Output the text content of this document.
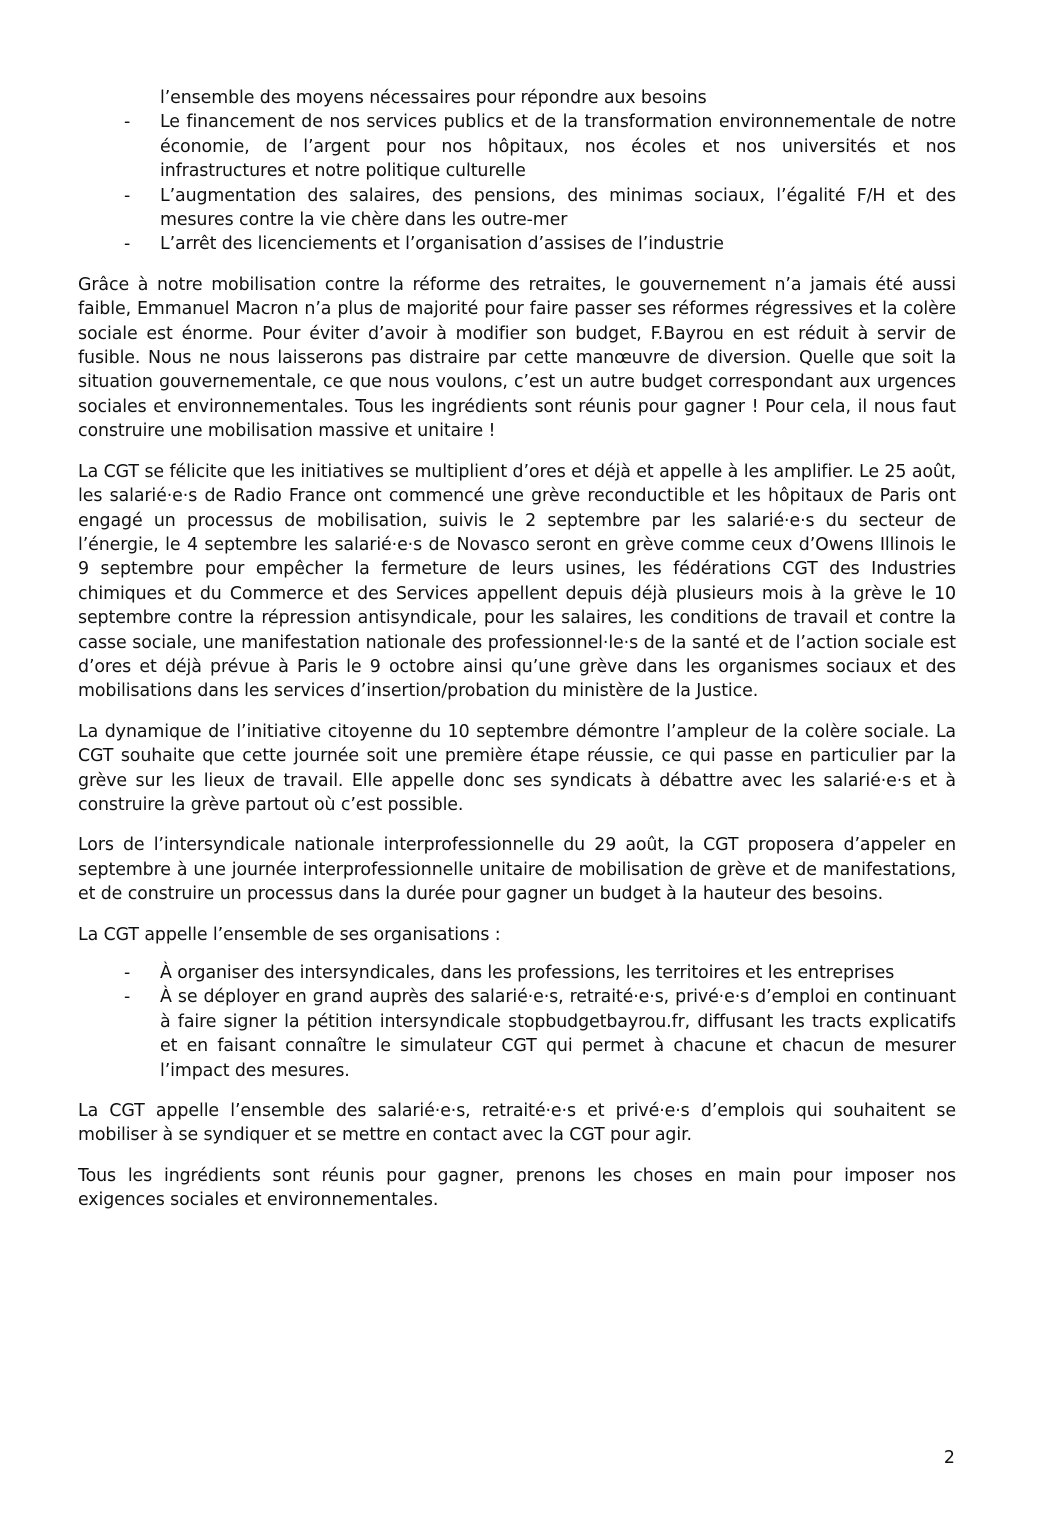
l’ensemble des moyens nécessaires pour répondre aux besoins
- Le financement de nos services publics et de la transformation environnementale de notre économie, de l’argent pour nos hôpitaux, nos écoles et nos universités et nos infrastructures et notre politique culturelle
- L’augmentation des salaires, des pensions, des minimas sociaux, l’égalité F/H et des mesures contre la vie chère dans les outre-mer
- L’arrêt des licenciements et l’organisation d’assises de l’industrie

Grâce à notre mobilisation contre la réforme des retraites, le gouvernement n’a jamais été aussi faible, Emmanuel Macron n’a plus de majorité pour faire passer ses réformes régressives et la colère sociale est énorme. Pour éviter d’avoir à modifier son budget, F.Bayrou en est réduit à servir de fusible. Nous ne nous laisserons pas distraire par cette manœuvre de diversion. Quelle que soit la situation gouvernementale, ce que nous voulons, c’est un autre budget correspondant aux urgences sociales et environnementales. Tous les ingrédients sont réunis pour gagner ! Pour cela, il nous faut construire une mobilisation massive et unitaire !

La CGT se félicite que les initiatives se multiplient d’ores et déjà et appelle à les amplifier. Le 25 août, les salarié·e·s de Radio France ont commencé une grève reconductible et les hôpitaux de Paris ont engagé un processus de mobilisation, suivis le 2 septembre par les salarié·e·s du secteur de l’énergie, le 4 septembre les salarié·e·s de Novasco seront en grève comme ceux d’Owens Illinois le 9 septembre pour empêcher la fermeture de leurs usines, les fédérations CGT des Industries chimiques et du Commerce et des Services appellent depuis déjà plusieurs mois à la grève le 10 septembre contre la répression antisyndicale, pour les salaires, les conditions de travail et contre la casse sociale, une manifestation nationale des professionnel·le·s de la santé et de l’action sociale est d’ores et déjà prévue à Paris le 9 octobre ainsi qu’une grève dans les organismes sociaux et des mobilisations dans les services d’insertion/probation du ministère de la Justice.

La dynamique de l’initiative citoyenne du 10 septembre démontre l’ampleur de la colère sociale. La CGT souhaite que cette journée soit une première étape réussie, ce qui passe en particulier par la grève sur les lieux de travail. Elle appelle donc ses syndicats à débattre avec les salarié·e·s et à construire la grève partout où c’est possible.

Lors de l’intersyndicale nationale interprofessionnelle du 29 août, la CGT proposera d’appeler en septembre à une journée interprofessionnelle unitaire de mobilisation de grève et de manifestations, et de construire un processus dans la durée pour gagner un budget à la hauteur des besoins.

La CGT appelle l’ensemble de ses organisations :

- À organiser des intersyndicales, dans les professions, les territoires et les entreprises
- À se déployer en grand auprès des salarié·e·s, retraité·e·s, privé·e·s d’emploi en continuant à faire signer la pétition intersyndicale stopbudgetbayrou.fr, diffusant les tracts explicatifs et en faisant connaître le simulateur CGT qui permet à chacune et chacun de mesurer l’impact des mesures.

La CGT appelle l’ensemble des salarié·e·s, retraité·e·s et privé·e·s d’emplois qui souhaitent se mobiliser à se syndiquer et se mettre en contact avec la CGT pour agir.

Tous les ingrédients sont réunis pour gagner, prenons les choses en main pour imposer nos exigences sociales et environnementales.

2
